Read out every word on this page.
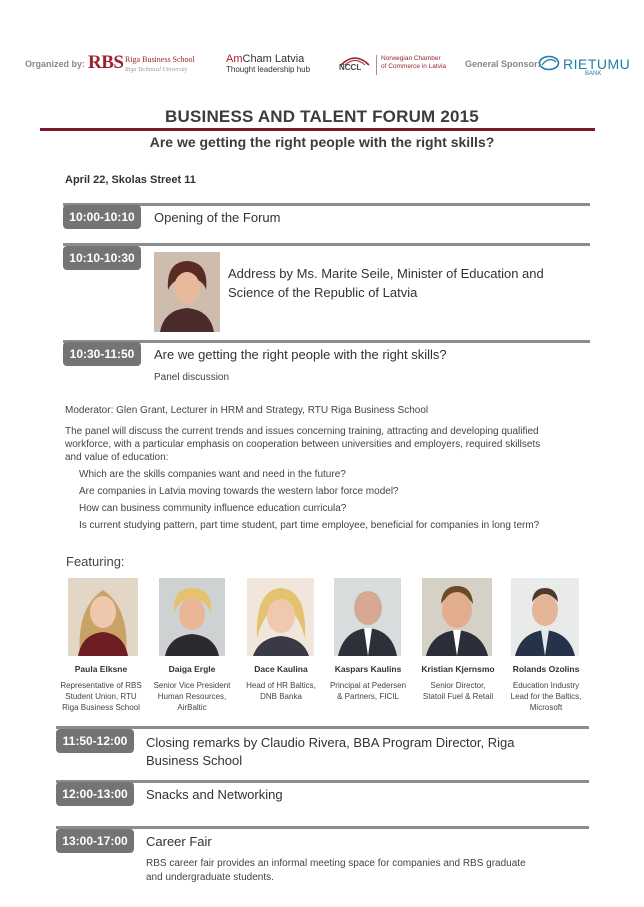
Organized by: RBS Riga Business School
Riga Technical University
AmCham Latvia
Thought leadership hub	NCCL
Norwegian Chamber
of Commerce in Latvia General Sponsor: RIETUMU
BANK
BUSINESS AND TALENT FORUM 2015
Are we getting the right people with the right skills?
April 22, Skolas Street 11
10:00-10:10	Opening of the Forum
10:10-10:30
Address by Ms. Marite Seile, Minister of Education and
Science of the Republic of Latvia
10:30-11:50	Are we getting the right people with the right skills?
Panel discussion
Moderator: Glen Grant, Lecturer in HRM and Strategy, RTU Riga Business School
The panel will discuss the current trends and issues concerning training, attracting and developing qualified
workforce, with a particular emphasis on cooperation between universities and employers, required skillsets
and value of education:
Which are the skills companies want and need in the future?
Are companies in Latvia moving towards the western labor force model?
How can business community influence education curricula?
Is current studying pattern, part time student, part time employee, beneficial for companies in long term?
Featuring:
Paula Elksne
Representative of RBS
Student Union, RTU
Riga Business School
Daiga Ergle
Senior Vice President
Human Resources,
AirBaltic
Dace Kaulina
Head of HR Baltics,
DNB Banka
Kaspars Kaulins
Principal at Pedersen
& Partners, FICIL
Kristian Kjernsmo
Senior Director,
Statoil Fuel & Retail
Rolands Ozolins
Education Industry
Lead for the Baltics,
Microsoft
11:50-12:00	Closing remarks by Claudio Rivera, BBA Program Director, Riga
Business School
12:00-13:00	Snacks and Networking
13:00-17:00	Career Fair
RBS career fair provides an informal meeting space for companies and RBS graduate
and undergraduate students.
